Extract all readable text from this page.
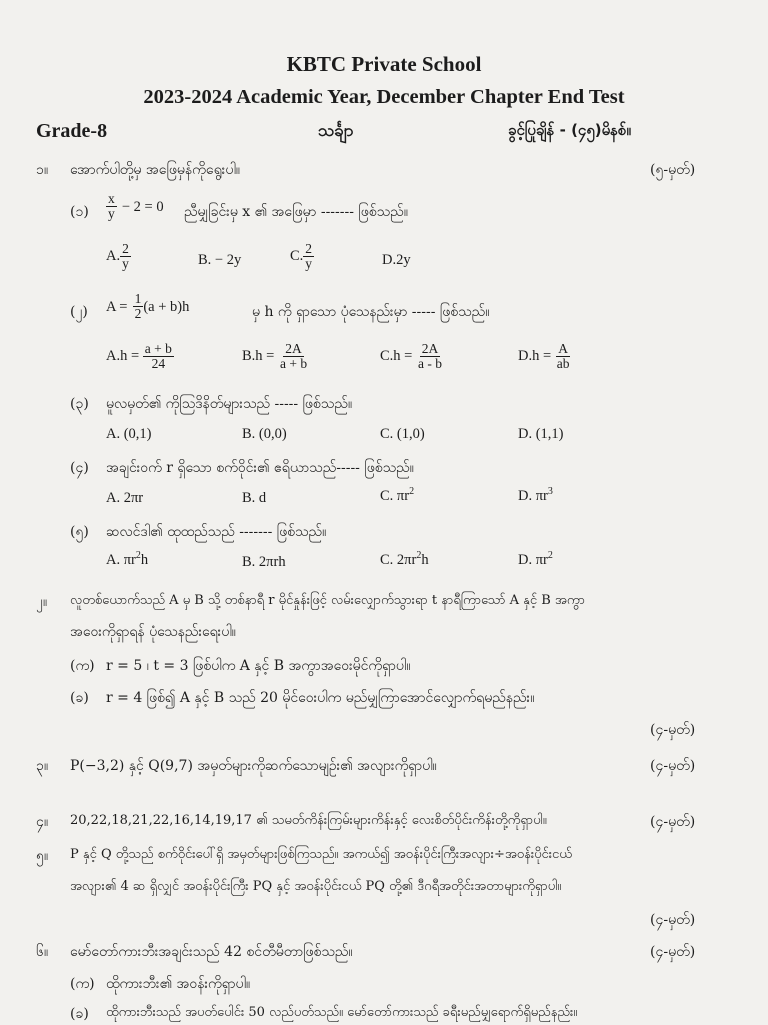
KBTC Private School
2023-2024 Academic Year, December Chapter End Test
Grade-8	သင်္ချာ	ခွင့်ပြုချိန် - (၄၅)မိနစ်။
၁။ အောက်ပါတို့မှ အဖြေမှန်ကိုရွေးပါ။	(၅-မှတ်)
(၁) $\frac{x}{y} - 2 = 0$ ညီမျှခြင်းမှ x ၏ အဖြေမှာ ------- ဖြစ်သည်။
A. $\frac{2}{y}$	B. − 2y	C. $\frac{2}{y}$	D.2y
(၂) $A = \frac{1}{2} (a + b)h$	မှ h ကို ရှာသော ပုံသေနည်းမှာ ----- ဖြစ်သည်။
$A.h = \frac{a + b}{24}$	$B.h = \frac{2A}{a + b}$	$C.h = \frac{2A}{a - b}$	$D.h = \frac{A}{ab}$
(၃) မူလမှတ်၏ ကိုဩဒိနိတ်များသည် ----- ဖြစ်သည်။
A. (0,1)	B. (0,0)	C. (1,0)	D. (1,1)
(၄) အချင်းဝက် r ရှိသော စက်ဝိုင်း၏ ဧရိယာသည်----- ဖြစ်သည်။
A. 2πr	B. d	C. $\pi r^2$	D. $\pi r^3$
(၅) ဆလင်ဒါ၏ ထုထည်သည် ------- ဖြစ်သည်။
A. $\pi r^2h$	B. 2πrh	C. $2\pi r^2h$	D. $\pi r^2$
၂။ လူတစ်ယောက်သည် A မှ B သို့ တစ်နာရီ r မိုင်နှုန်းဖြင့် လမ်းလျှောက်သွားရာ t နာရီကြာသော် A နှင့် B အကွာ
အဝေးကိုရှာရန် ပုံသေနည်းရေးပါ။
(က) r = 5 ၊ t = 3 ဖြစ်ပါက A နှင့် B အကွာအဝေးမိုင်ကိုရှာပါ။
(ခ) r = 4 ဖြစ်၍ A နှင့် B သည် 20 မိုင်ဝေးပါက မည်မျှကြာအောင်လျှောက်ရမည်နည်း။
(၄-မှတ်)
၃။ P(−3,2) နှင့် Q(9,7) အမှတ်များကိုဆက်သောမျဉ်း၏ အလျားကိုရှာပါ။	(၄-မှတ်)
၄။ 20,22,18,21,22,16,14,19,17 ၏ သမတ်ကိန်းကြမ်းများကိန်းနှင့် လေးစိတ်ပိုင်းကိန်းတို့ကိုရှာပါ။	(၄-မှတ်)
၅။ P နှင့် Q တို့သည် စက်ဝိုင်းပေါ်ရှိ အမှတ်များဖြစ်ကြသည်။ အကယ်၍ အဝန်းပိုင်းကြီးအလျား÷အဝန်းပိုင်းငယ်
အလျား၏ 4 ဆ ရှိလျှင် အဝန်းပိုင်းကြီး PQ နှင့် အဝန်းပိုင်းငယ် PQ တို့၏ ဒီဂရီအတိုင်းအတာများကိုရှာပါ။
(၄-မှတ်)
၆။ မော်တော်ကားဘီးအချင်းသည် 42 စင်တီမီတာဖြစ်သည်။	(၄-မှတ်)
(က) ထိုကားဘီး၏ အဝန်းကိုရှာပါ။
(ခ) ထိုကားဘီးသည် အပတ်ပေါင်း 50 လည်ပတ်သည်။ မော်တော်ကားသည် ခရီးမည်မျှရောက်ရှိမည်နည်း။
